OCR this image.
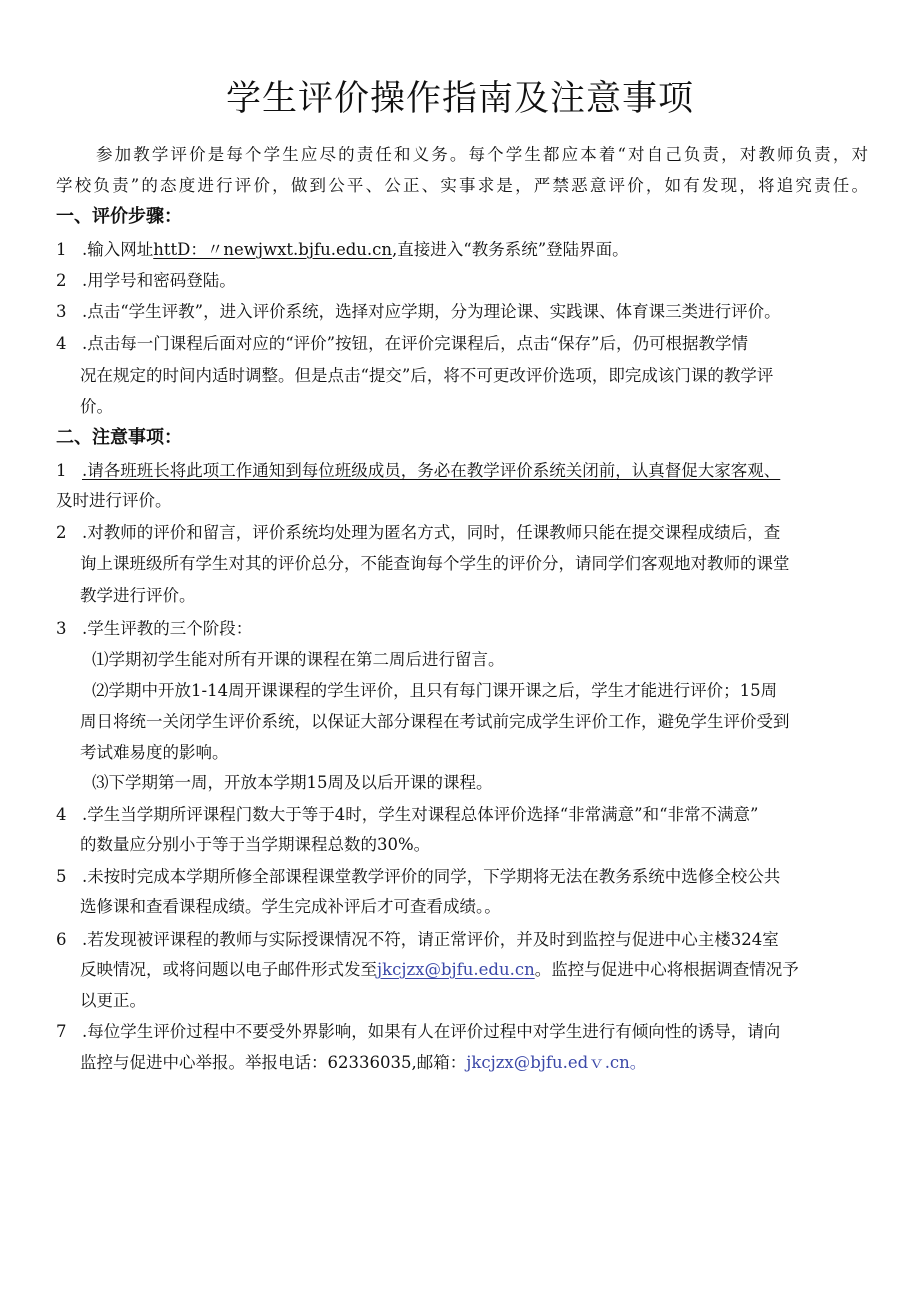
学生评价操作指南及注意事项
参加教学评价是每个学生应尽的责任和义务。每个学生都应本着“对自己负责，对教师负责，对
学校负责”的态度进行评价，做到公平、公正、实事求是，严禁恶意评价，如有发现，将追究责任。
一、评价步骤：
1 .输入网址httD：〃newjwxt.bjfu.edu.cn,直接进入“教务系统”登陆界面。
2 .用学号和密码登陆。
3 .点击“学生评教”，进入评价系统，选择对应学期，分为理论课、实践课、体育课三类进行评价。
4 .点击每一门课程后面对应的“评价”按钮，在评价完课程后，点击“保存”后，仍可根据教学情
况在规定的时间内适时调整。但是点击“提交”后，将不可更改评价选项，即完成该门课的教学评
价。
二、注意事项：
1 .请各班班长将此项工作通知到每位班级成员，务必在教学评价系统关闭前，认真督促大家客观、
及时进行评价。
2 .对教师的评价和留言，评价系统均处理为匿名方式，同时，任课教师只能在提交课程成绩后，查
询上课班级所有学生对其的评价总分，不能查询每个学生的评价分，请同学们客观地对教师的课堂
教学进行评价。
3 .学生评教的三个阶段：
⑴学期初学生能对所有开课的课程在第二周后进行留言。
⑵学期中开放1-14周开课课程的学生评价，且只有每门课开课之后，学生才能进行评价；15周
周日将统一关闭学生评价系统，以保证大部分课程在考试前完成学生评价工作，避免学生评价受到
考试难易度的影响。
⑶下学期第一周，开放本学期15周及以后开课的课程。
4 .学生当学期所评课程门数大于等于4时，学生对课程总体评价选择“非常满意”和“非常不满意”
的数量应分别小于等于当学期课程总数的30%。
5 .未按时完成本学期所修全部课程课堂教学评价的同学，下学期将无法在教务系统中选修全校公共
选修课和查看课程成绩。学生完成补评后才可查看成绩。。
6 .若发现被评课程的教师与实际授课情况不符，请正常评价，并及时到监控与促进中心主楼324室
反映情况，或将问题以电子邮件形式发至jkcjzx@bjfu.edu.cn。监控与促进中心将根据调查情况予
以更正。
7 .每位学生评价过程中不要受外界影响，如果有人在评价过程中对学生进行有倾向性的诱导，请向
监控与促进中心举报。举报电话：62336035,邮箱：jkcjzx@bjfu.edｖ.cn。
